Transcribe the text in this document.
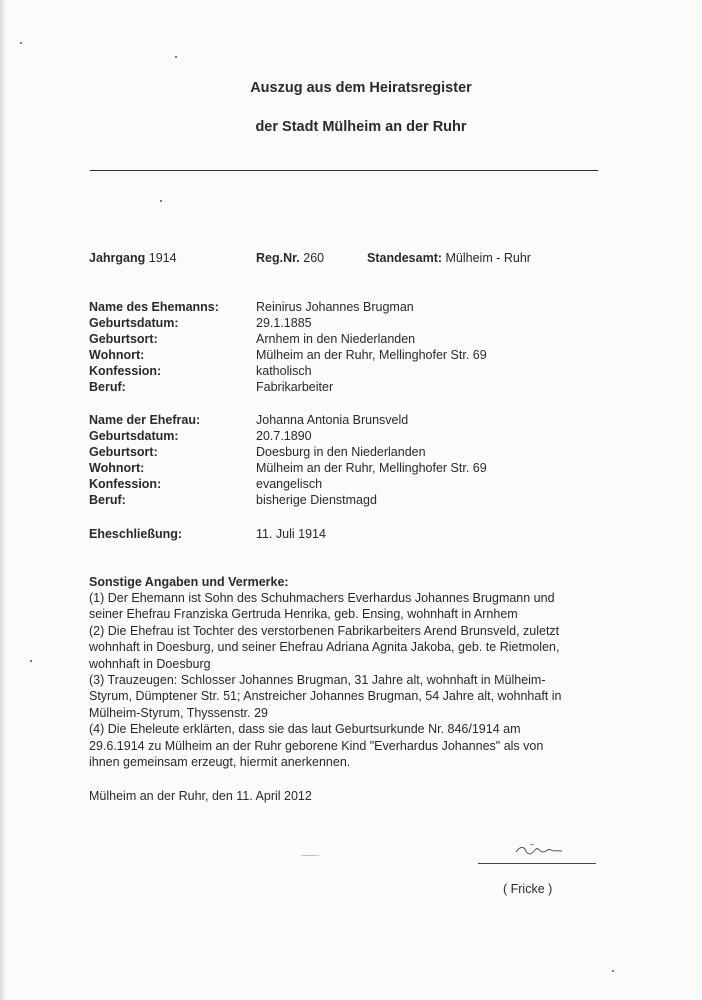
Auszug aus dem Heiratsregister
der Stadt Mülheim an der Ruhr
Jahrgang 1914	Reg.Nr. 260	Standesamt: Mülheim - Ruhr
Name des Ehemanns:	Reinirus Johannes Brugman
Geburtsdatum:	29.1.1885
Geburtsort:	Arnhem in den Niederlanden
Wohnort:	Mülheim an der Ruhr, Mellinghofer Str. 69
Konfession:	katholisch
Beruf:	Fabrikarbeiter
Name der Ehefrau:	Johanna Antonia Brunsveld
Geburtsdatum:	20.7.1890
Geburtsort:	Doesburg in den Niederlanden
Wohnort:	Mülheim an der Ruhr, Mellinghofer Str. 69
Konfession:	evangelisch
Beruf:	bisherige Dienstmagd
Eheschließung:	11. Juli 1914
Sonstige Angaben und Vermerke:
(1) Der Ehemann ist Sohn des Schuhmachers Everhardus Johannes Brugmann und
seiner Ehefrau Franziska Gertruda Henrika, geb. Ensing, wohnhaft in Arnhem
(2) Die Ehefrau ist Tochter des verstorbenen Fabrikarbeiters Arend Brunsveld, zuletzt
wohnhaft in Doesburg, und seiner Ehefrau Adriana Agnita Jakoba, geb. te Rietmolen,
wohnhaft in Doesburg
(3) Trauzeugen: Schlosser Johannes Brugman, 31 Jahre alt, wohnhaft in Mülheim-
Styrum, Dümptener Str. 51; Anstreicher Johannes Brugman, 54 Jahre alt, wohnhaft in
Mülheim-Styrum, Thyssenstr. 29
(4) Die Eheleute erklärten, dass sie das laut Geburtsurkunde Nr. 846/1914 am
29.6.1914 zu Mülheim an der Ruhr geborene Kind "Everhardus Johannes" als von
ihnen gemeinsam erzeugt, hiermit anerkennen.
Mülheim an der Ruhr, den 11. April 2012
( Fricke )
